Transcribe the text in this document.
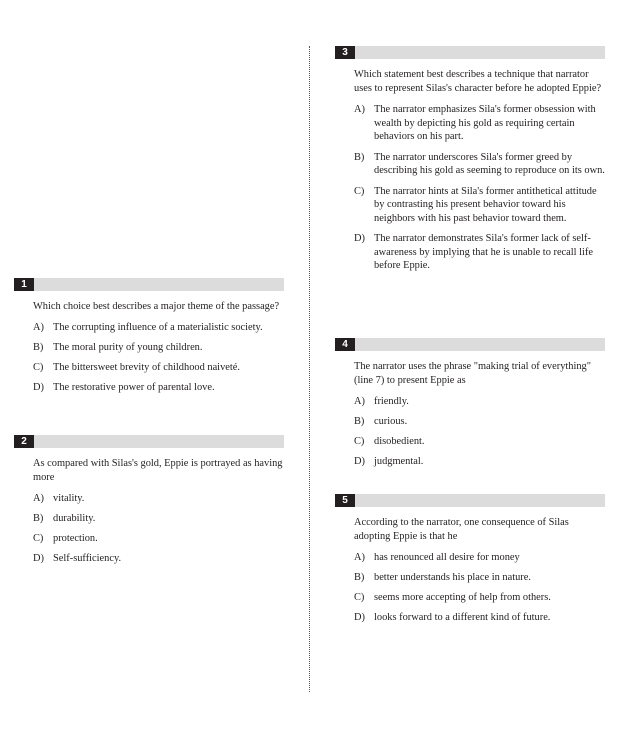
1

Which choice best describes a major theme of the passage?

A) The corrupting influence of a materialistic society.
B) The moral purity of young children.
C) The bittersweet brevity of childhood naiveté.
D) The restorative power of parental love.
2

As compared with Silas's gold, Eppie is portrayed as having more

A) vitality.
B) durability.
C) protection.
D) Self-sufficiency.
3

Which statement best describes a technique that narrator uses to represent Silas's character before he adopted Eppie?

A) The narrator emphasizes Sila's former obsession with wealth by depicting his gold as requiring certain behaviors on his part.
B) The narrator underscores Sila's former greed by describing his gold as seeming to reproduce on its own.
C) The narrator hints at Sila's former antithetical attitude by contrasting his present behavior toward his neighbors with his past behavior toward them.
D) The narrator demonstrates Sila's former lack of self-awareness by implying that he is unable to recall life before Eppie.
4

The narrator uses the phrase "making trial of everything" (line 7) to present Eppie as

A) friendly.
B) curious.
C) disobedient.
D) judgmental.
5

According to the narrator, one consequence of Silas adopting Eppie is that he

A) has renounced all desire for money
B) better understands his place in nature.
C) seems more accepting of help from others.
D) looks forward to a different kind of future.
